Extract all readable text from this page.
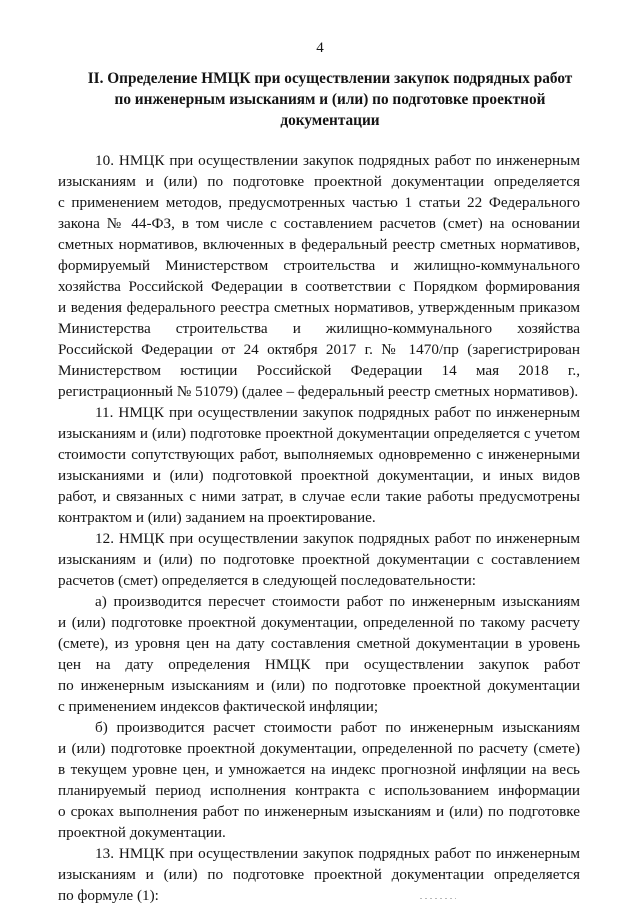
4
II. Определение НМЦК при осуществлении закупок подрядных работ
по инженерным изысканиям и (или) по подготовке проектной
документации
10. НМЦК при осуществлении закупок подрядных работ по инженерным
изысканиям и (или) по подготовке проектной документации определяется
с применением методов, предусмотренных частью 1 статьи 22 Федерального
закона № 44-ФЗ, в том числе с составлением расчетов (смет) на основании
сметных нормативов, включенных в федеральный реестр сметных нормативов,
формируемый Министерством строительства и жилищно-коммунального
хозяйства Российской Федерации в соответствии с Порядком формирования
и ведения федерального реестра сметных нормативов, утвержденным приказом
Министерства строительства и жилищно-коммунального хозяйства
Российской Федерации от 24 октября 2017 г. № 1470/пр (зарегистрирован
Министерством юстиции Российской Федерации 14 мая 2018 г.,
регистрационный № 51079) (далее – федеральный реестр сметных нормативов).
11. НМЦК при осуществлении закупок подрядных работ по инженерным
изысканиям и (или) подготовке проектной документации определяется с учетом
стоимости сопутствующих работ, выполняемых одновременно с инженерными
изысканиями и (или) подготовкой проектной документации, и иных видов
работ, и связанных с ними затрат, в случае если такие работы предусмотрены
контрактом и (или) заданием на проектирование.
12. НМЦК при осуществлении закупок подрядных работ по инженерным
изысканиям и (или) по подготовке проектной документации с составлением
расчетов (смет) определяется в следующей последовательности:
а) производится пересчет стоимости работ по инженерным изысканиям
и (или) подготовке проектной документации, определенной по такому расчету
(смете), из уровня цен на дату составления сметной документации в уровень
цен на дату определения НМЦК при осуществлении закупок работ
по инженерным изысканиям и (или) по подготовке проектной документации
с применением индексов фактической инфляции;
б) производится расчет стоимости работ по инженерным изысканиям
и (или) подготовке проектной документации, определенной по расчету (смете)
в текущем уровне цен, и умножается на индекс прогнозной инфляции на весь
планируемый период исполнения контракта с использованием информации
о сроках выполнения работ по инженерным изысканиям и (или) по подготовке
проектной документации.
13. НМЦК при осуществлении закупок подрядных работ по инженерным
изысканиям и (или) по подготовке проектной документации определяется
по формуле (1):
